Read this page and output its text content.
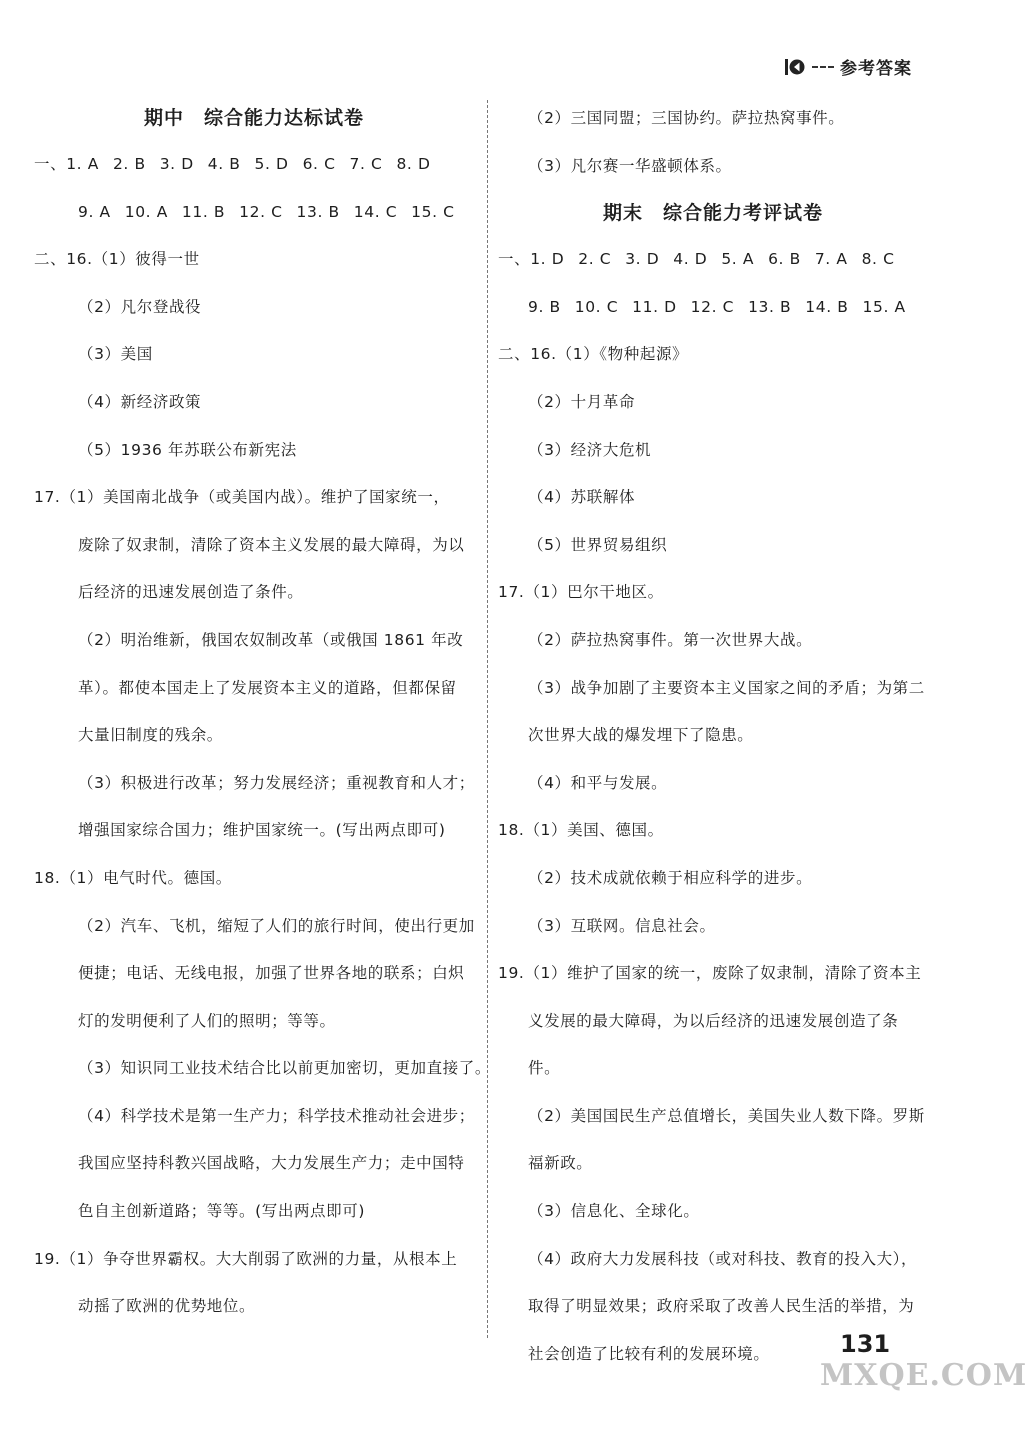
参考答案
期中　综合能力达标试卷
一、 1. A 2. B 3. D 4. B 5. D 6. C 7. C 8. D
9. A 10. A 11. B 12. C 13. B 14. C 15. C
二、16.（1）彼得一世
（2）凡尔登战役
（3）美国
（4）新经济政策
（5）1936 年苏联公布新宪法
17.（1）美国南北战争（或美国内战）。维护了国家统一，
废除了奴隶制，清除了资本主义发展的最大障碍，为以
后经济的迅速发展创造了条件。
（2）明治维新，俄国农奴制改革（或俄国 1861 年改
革）。都使本国走上了发展资本主义的道路，但都保留
大量旧制度的残余。
（3）积极进行改革；努力发展经济；重视教育和人才；
增强国家综合国力；维护国家统一。(写出两点即可)
18.（1）电气时代。德国。
（2）汽车、飞机，缩短了人们的旅行时间，使出行更加
便捷；电话、无线电报，加强了世界各地的联系；白炽
灯的发明便利了人们的照明；等等。
（3）知识同工业技术结合比以前更加密切，更加直接了。
（4）科学技术是第一生产力；科学技术推动社会进步；
我国应坚持科教兴国战略，大力发展生产力；走中国特
色自主创新道路；等等。(写出两点即可)
19.（1）争夺世界霸权。大大削弱了欧洲的力量，从根本上
动摇了欧洲的优势地位。
（2）三国同盟；三国协约。萨拉热窝事件。
（3）凡尔赛一华盛顿体系。
期末　综合能力考评试卷
一、 1. D 2. C 3. D 4. D 5. A 6. B 7. A 8. C
9. B 10. C 11. D 12. C 13. B 14. B 15. A
二、16.（1）《物种起源》
（2）十月革命
（3）经济大危机
（4）苏联解体
（5）世界贸易组织
17.（1）巴尔干地区。
（2）萨拉热窝事件。第一次世界大战。
（3）战争加剧了主要资本主义国家之间的矛盾；为第二
次世界大战的爆发埋下了隐患。
（4）和平与发展。
18.（1）美国、德国。
（2）技术成就依赖于相应科学的进步。
（3）互联网。信息社会。
19.（1）维护了国家的统一，废除了奴隶制，清除了资本主
义发展的最大障碍，为以后经济的迅速发展创造了条
件。
（2）美国国民生产总值增长，美国失业人数下降。罗斯
福新政。
（3）信息化、全球化。
（4）政府大力发展科技（或对科技、教育的投入大），
取得了明显效果；政府采取了改善人民生活的举措，为
社会创造了比较有利的发展环境。	131
MXQE.COM
